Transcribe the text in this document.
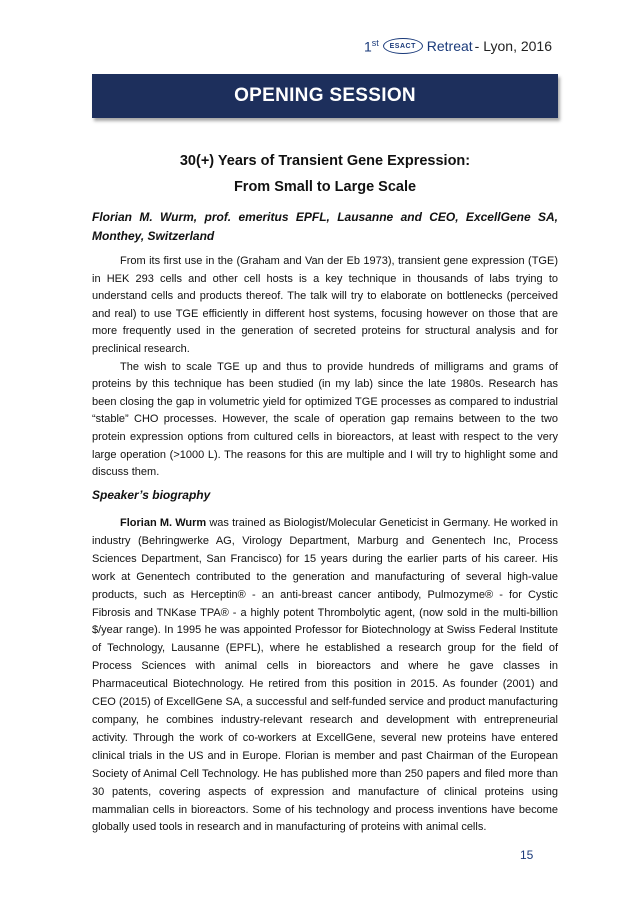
1st ESACT Retreat - Lyon, 2016
OPENING SESSION
30(+) Years of Transient Gene Expression:
From Small to Large Scale
Florian M. Wurm, prof. emeritus EPFL, Lausanne and CEO, ExcellGene SA, Monthey, Switzerland

From its first use in the (Graham and Van der Eb 1973), transient gene expression (TGE) in HEK 293 cells and other cell hosts is a key technique in thousands of labs trying to understand cells and products thereof. The talk will try to elaborate on bottlenecks (perceived and real) to use TGE efficiently in different host systems, focusing however on those that are more frequently used in the generation of secreted proteins for structural analysis and for preclinical research.

The wish to scale TGE up and thus to provide hundreds of milligrams and grams of proteins by this technique has been studied (in my lab) since the late 1980s. Research has been closing the gap in volumetric yield for optimized TGE processes as compared to industrial “stable” CHO processes. However, the scale of operation gap remains between to the two protein expression options from cultured cells in bioreactors, at least with respect to the very large operation (>1000 L). The reasons for this are multiple and I will try to highlight some and discuss them.

Speaker’s biography

Florian M. Wurm was trained as Biologist/Molecular Geneticist in Germany. He worked in industry (Behringwerke AG, Virology Department, Marburg and Genentech Inc, Process Sciences Department, San Francisco) for 15 years during the earlier parts of his career. His work at Genentech contributed to the generation and manufacturing of several high-value products, such as Herceptin® - an anti-breast cancer antibody, Pulmozyme® - for Cystic Fibrosis and TNKase TPA® - a highly potent Thrombolytic agent, (now sold in the multi-billion $/year range). In 1995 he was appointed Professor for Biotechnology at Swiss Federal Institute of Technology, Lausanne (EPFL), where he established a research group for the field of Process Sciences with animal cells in bioreactors and where he gave classes in Pharmaceutical Biotechnology. He retired from this position in 2015. As founder (2001) and CEO (2015) of ExcellGene SA, a successful and self-funded service and product manufacturing company, he combines industry-relevant research and development with entrepreneurial activity. Through the work of co-workers at ExcellGene, several new proteins have entered clinical trials in the US and in Europe. Florian is member and past Chairman of the European Society of Animal Cell Technology. He has published more than 250 papers and filed more than 30 patents, covering aspects of expression and manufacture of clinical proteins using mammalian cells in bioreactors. Some of his technology and process inventions have become globally used tools in research and in manufacturing of proteins with animal cells.

15
